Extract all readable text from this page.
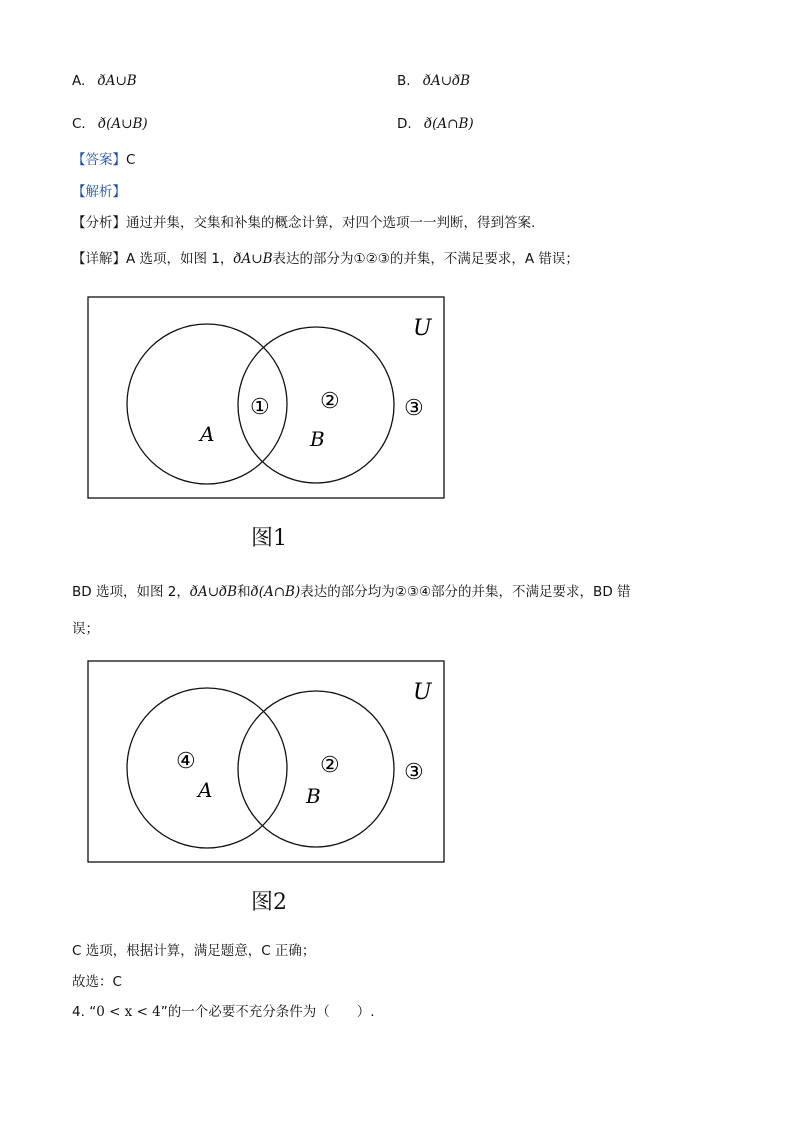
A. ðA∪B	B. ðA∪ðB
C. ð(A∪B)	D. ð(A∩B)
【答案】C
【解析】
【分析】通过并集，交集和补集的概念计算，对四个选项一一判断，得到答案.
【详解】A 选项，如图 1，ðA∪B表达的部分为①②③的并集，不满足要求，A 错误；
U
A	B
① ②	③
图1
BD 选项，如图 2，ðA∪ðB和ð(A∩B)表达的部分均为②③④部分的并集，不满足要求，BD 错
误；
U
A	B
④	②	③
图2
C 选项，根据计算，满足题意，C 正确；
故选：C
4. “0 < x < 4”的一个必要不充分条件为（　　）.
